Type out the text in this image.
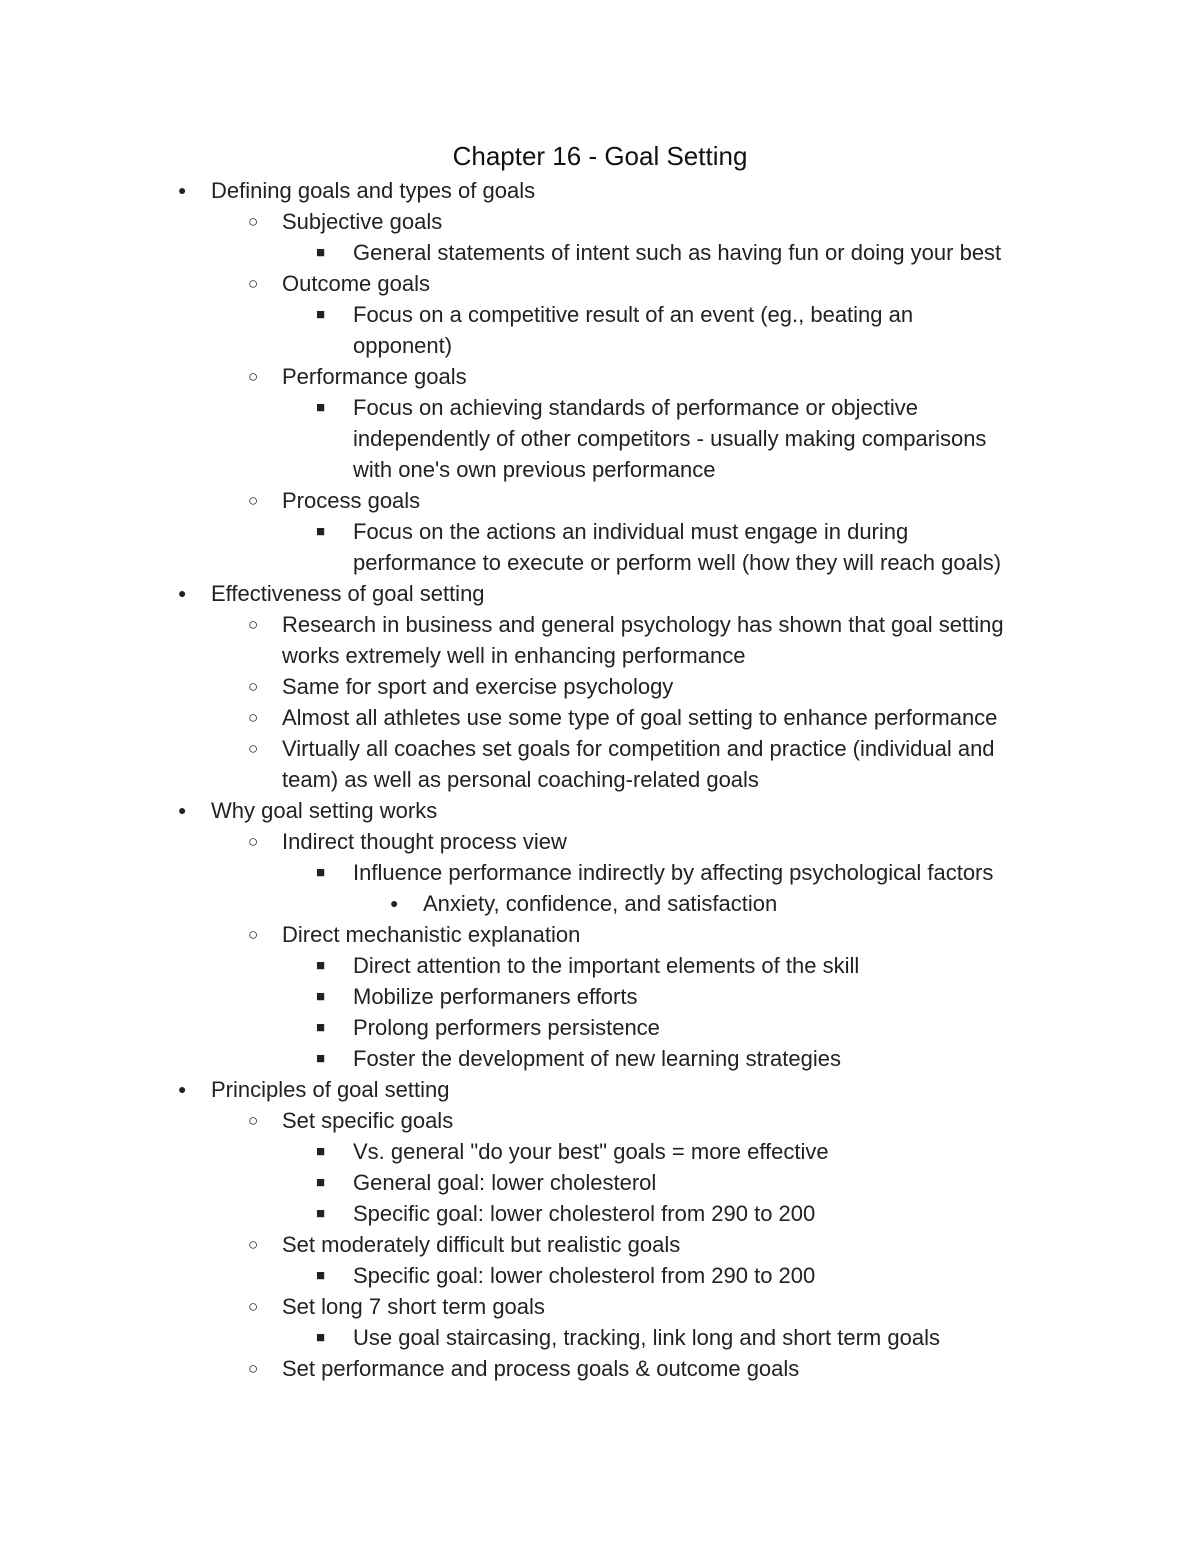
Chapter 16 - Goal Setting
● Defining goals and types of goals
○ Subjective goals
■ General statements of intent such as having fun or doing your best
○ Outcome goals
■ Focus on a competitive result of an event (eg., beating an
opponent)
○ Performance goals
■ Focus on achieving standards of performance or objective
independently of other competitors - usually making comparisons
with one's own previous performance
○ Process goals
■ Focus on the actions an individual must engage in during
performance to execute or perform well (how they will reach goals)
● Effectiveness of goal setting
○ Research in business and general psychology has shown that goal setting
works extremely well in enhancing performance
○ Same for sport and exercise psychology
○ Almost all athletes use some type of goal setting to enhance performance
○ Virtually all coaches set goals for competition and practice (individual and
team) as well as personal coaching-related goals
● Why goal setting works
○ Indirect thought process view
■ Influence performance indirectly by affecting psychological factors
● Anxiety, confidence, and satisfaction
○ Direct mechanistic explanation
■ Direct attention to the important elements of the skill
■ Mobilize performaners efforts
■ Prolong performers persistence
■ Foster the development of new learning strategies
● Principles of goal setting
○ Set specific goals
■ Vs. general "do your best" goals = more effective
■ General goal: lower cholesterol
■ Specific goal: lower cholesterol from 290 to 200
○ Set moderately difficult but realistic goals
■ Specific goal: lower cholesterol from 290 to 200
○ Set long 7 short term goals
■ Use goal staircasing, tracking, link long and short term goals
○ Set performance and process goals & outcome goals
